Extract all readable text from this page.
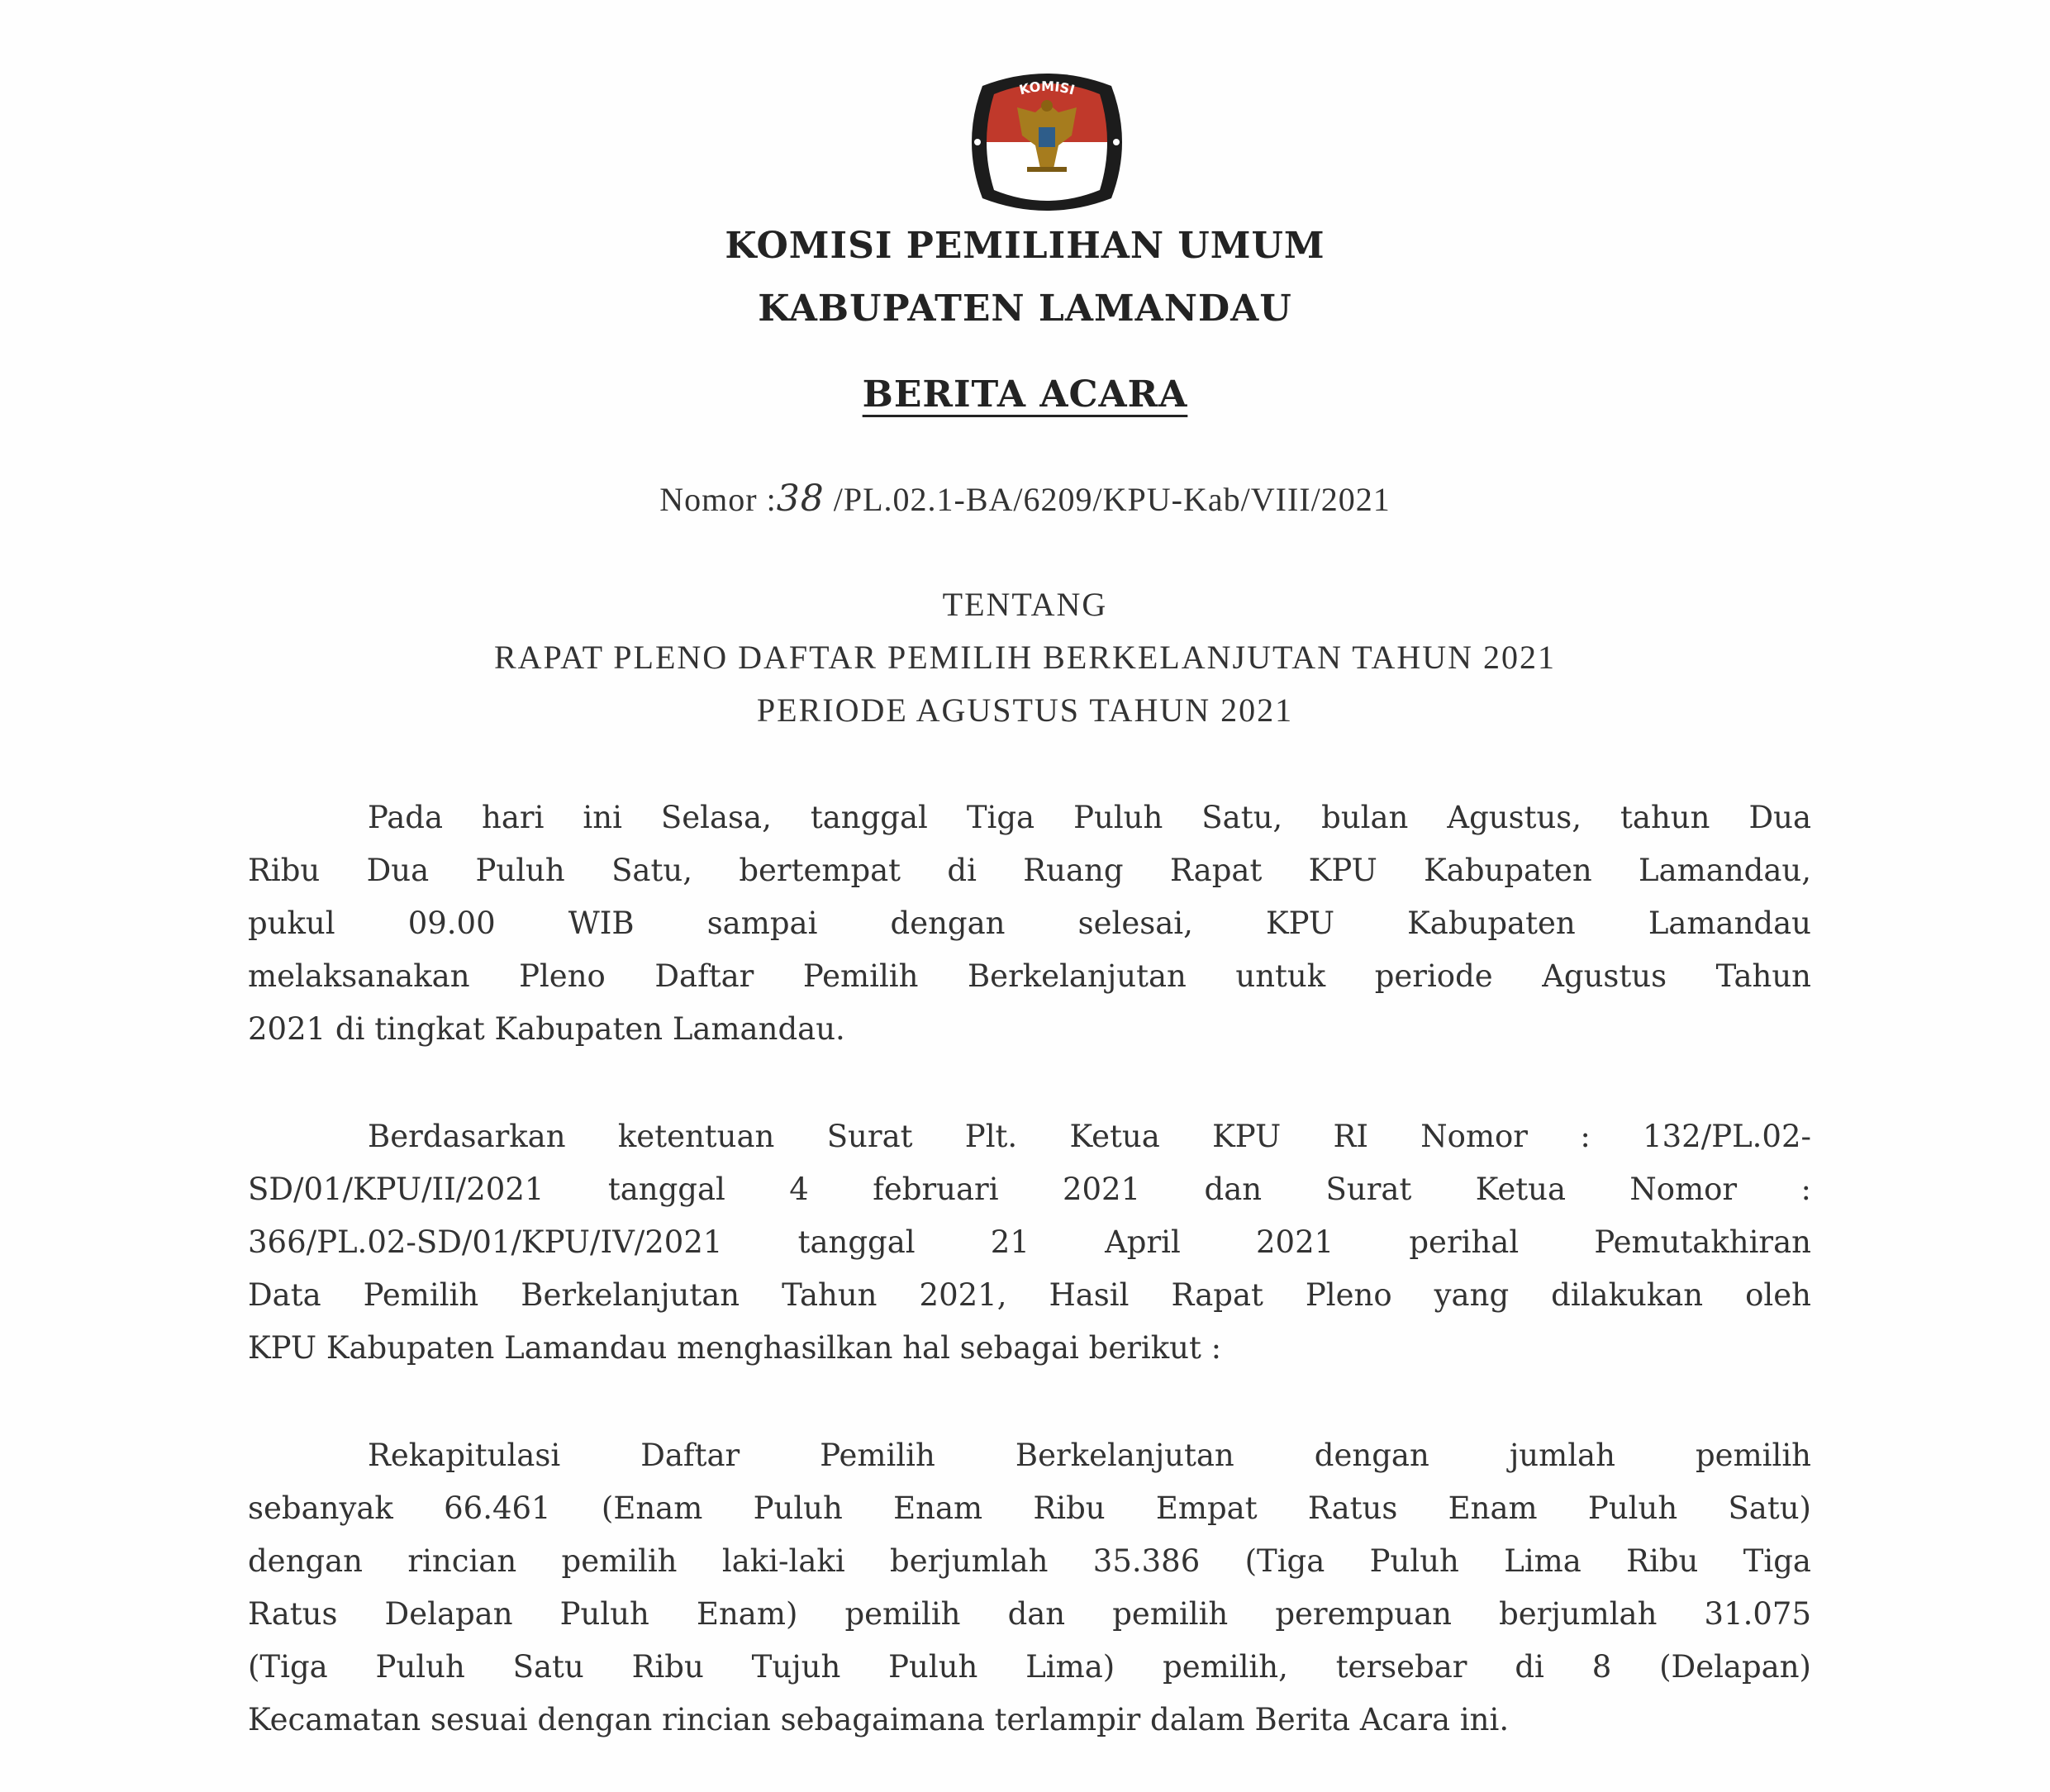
KOMISI
PEMILIHAN UMUM
KOMISI PEMILIHAN UMUM
KABUPATEN LAMANDAU
BERITA ACARA
Nomor :38 /PL.02.1-BA/6209/KPU-Kab/VIII/2021
TENTANG
RAPAT PLENO DAFTAR PEMILIH BERKELANJUTAN TAHUN 2021
PERIODE AGUSTUS TAHUN 2021
Pada hari ini Selasa, tanggal Tiga Puluh Satu, bulan Agustus, tahun Dua
Ribu Dua Puluh Satu, bertempat di Ruang Rapat KPU Kabupaten Lamandau,
pukul 09.00 WIB sampai dengan selesai, KPU Kabupaten Lamandau
melaksanakan Pleno Daftar Pemilih Berkelanjutan untuk periode Agustus Tahun
2021 di tingkat Kabupaten Lamandau.
Berdasarkan ketentuan Surat Plt. Ketua KPU RI Nomor : 132/PL.02-
SD/01/KPU/II/2021 tanggal 4 februari 2021 dan Surat Ketua Nomor :
366/PL.02-SD/01/KPU/IV/2021 tanggal 21 April 2021 perihal Pemutakhiran
Data Pemilih Berkelanjutan Tahun 2021, Hasil Rapat Pleno yang dilakukan oleh
KPU Kabupaten Lamandau menghasilkan hal sebagai berikut :
Rekapitulasi Daftar Pemilih Berkelanjutan dengan jumlah pemilih
sebanyak 66.461 (Enam Puluh Enam Ribu Empat Ratus Enam Puluh Satu)
dengan rincian pemilih laki-laki berjumlah 35.386 (Tiga Puluh Lima Ribu Tiga
Ratus Delapan Puluh Enam) pemilih dan pemilih perempuan berjumlah 31.075
(Tiga Puluh Satu Ribu Tujuh Puluh Lima) pemilih, tersebar di 8 (Delapan)
Kecamatan sesuai dengan rincian sebagaimana terlampir dalam Berita Acara ini.
